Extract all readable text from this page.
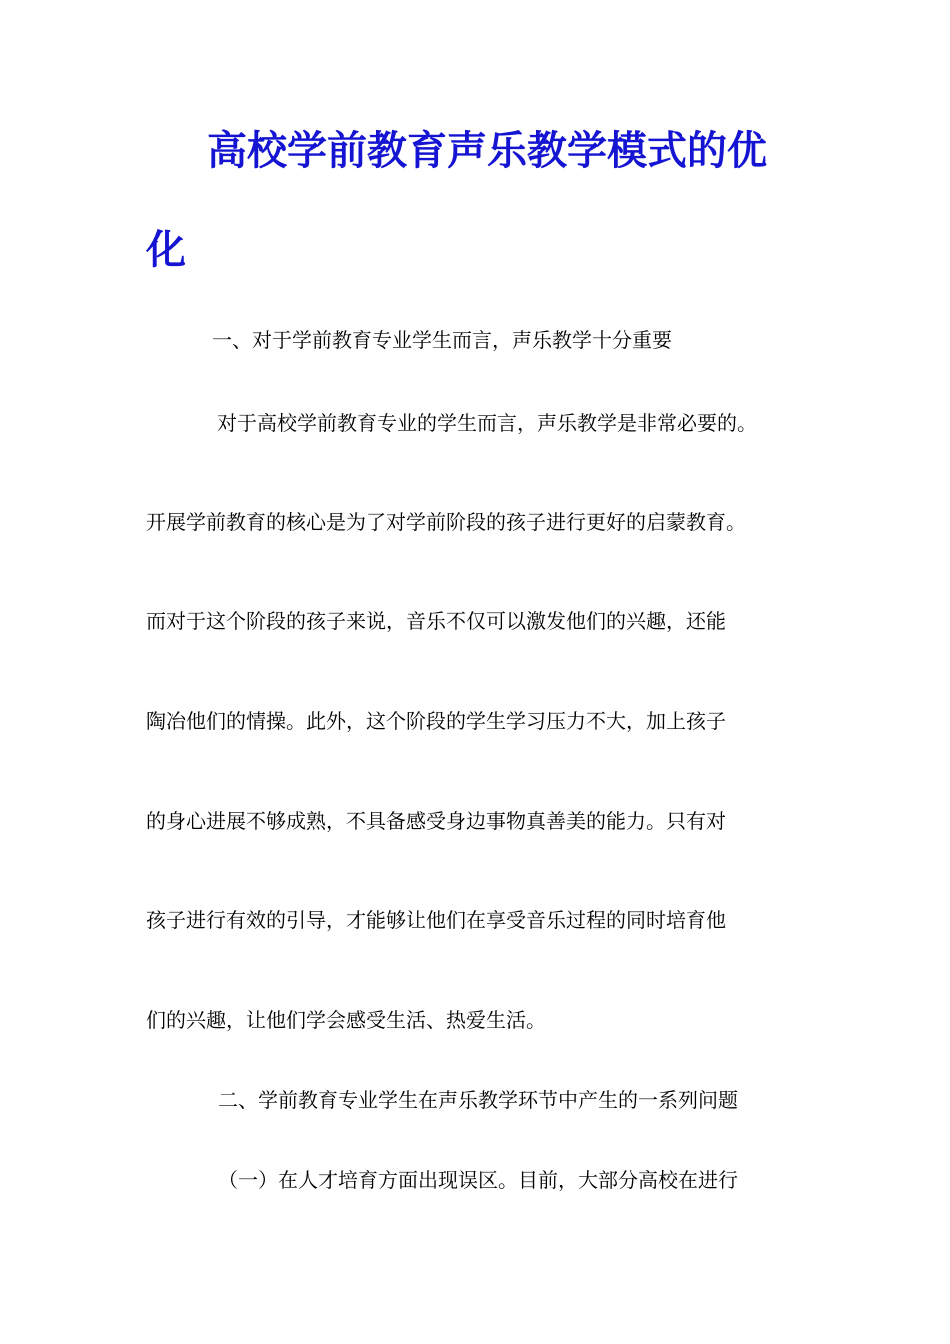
高校学前教育声乐教学模式的优
化
一、对于学前教育专业学生而言，声乐教学十分重要
对于高校学前教育专业的学生而言，声乐教学是非常必要的。
开展学前教育的核心是为了对学前阶段的孩子进行更好的启蒙教育。
而对于这个阶段的孩子来说，音乐不仅可以激发他们的兴趣，还能
陶冶他们的情操。此外，这个阶段的学生学习压力不大，加上孩子
的身心进展不够成熟，不具备感受身边事物真善美的能力。只有对
孩子进行有效的引导，才能够让他们在享受音乐过程的同时培育他
们的兴趣，让他们学会感受生活、热爱生活。
二、学前教育专业学生在声乐教学环节中产生的一系列问题
（一）在人才培育方面出现误区。目前，大部分高校在进行
